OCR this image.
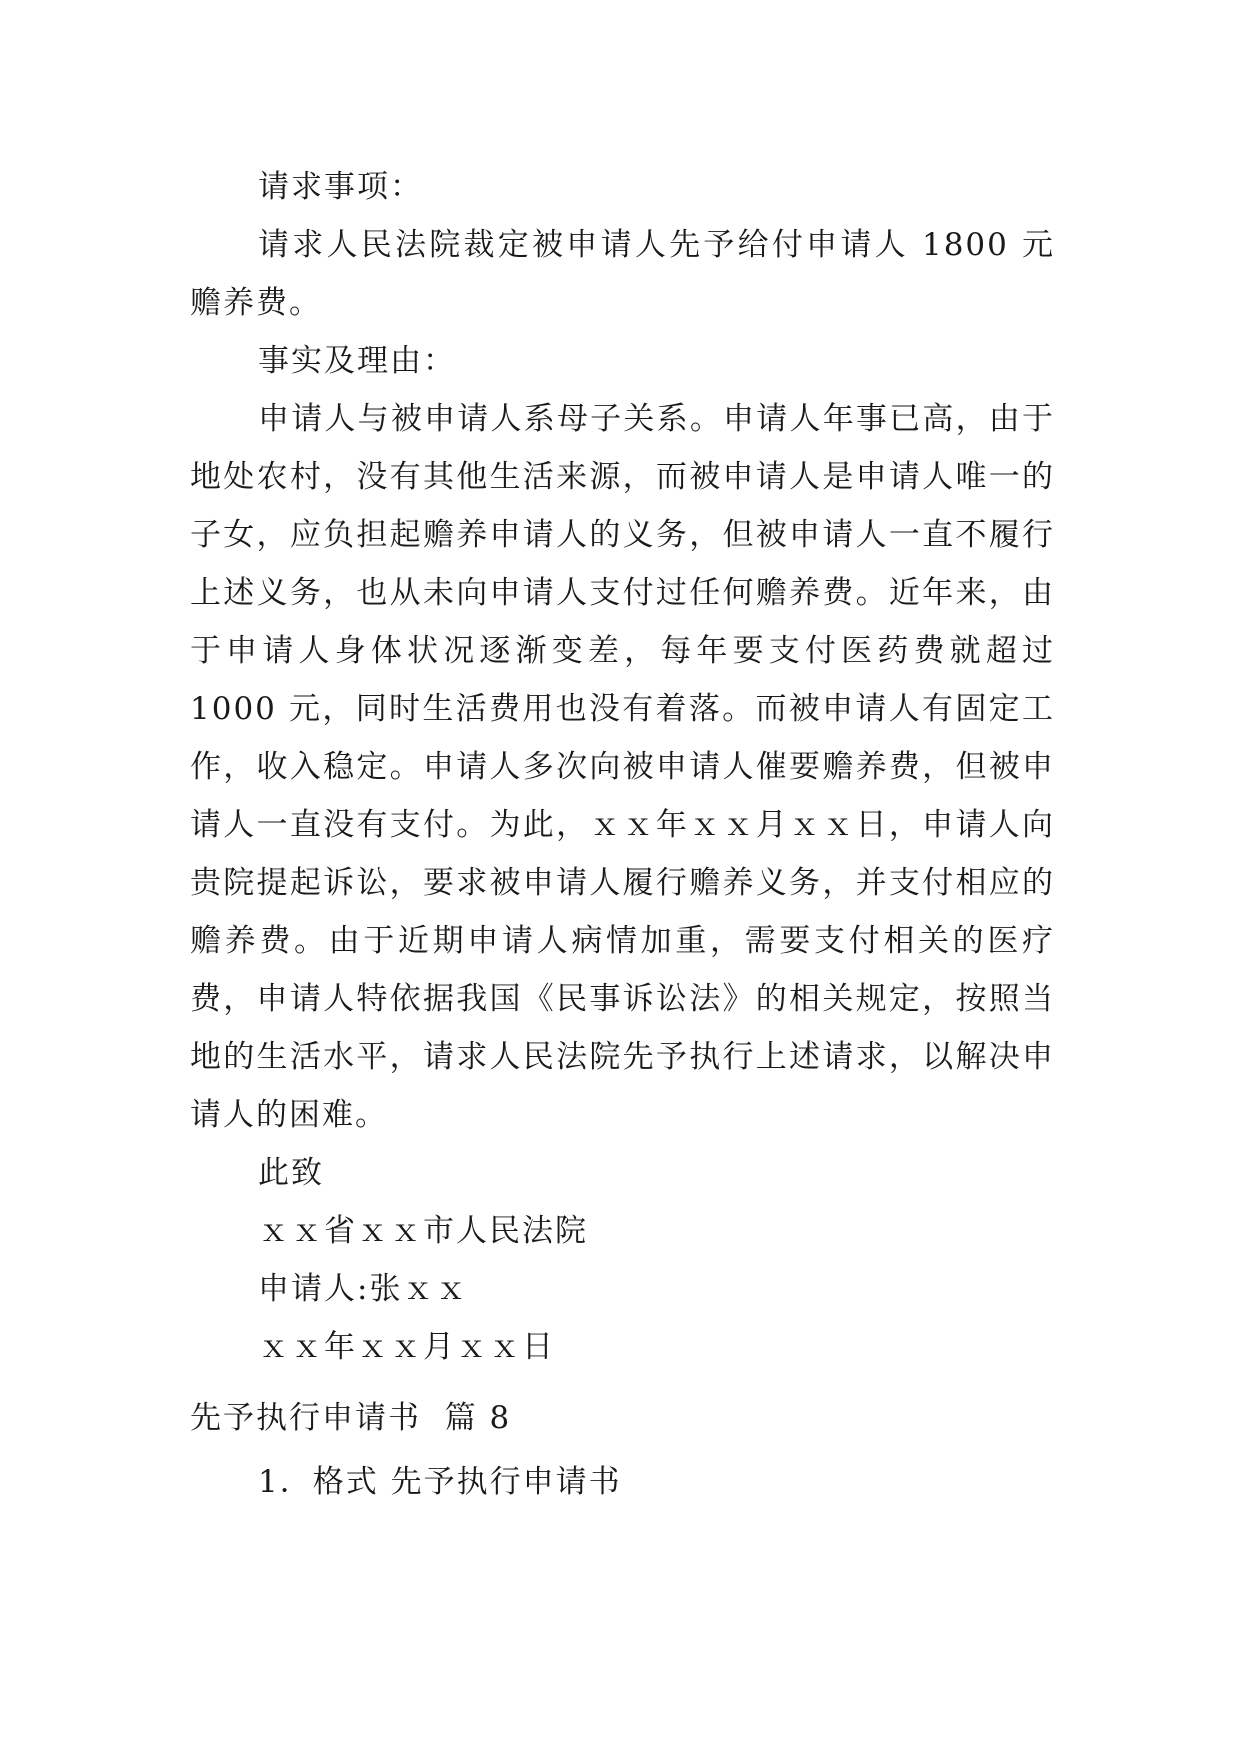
请求事项：

请求人民法院裁定被申请人先予给付申请人 1800 元赡养费。

事实及理由：

申请人与被申请人系母子关系。申请人年事已高，由于地处农村，没有其他生活来源，而被申请人是申请人唯一的子女，应负担起赡养申请人的义务，但被申请人一直不履行上述义务，也从未向申请人支付过任何赡养费。近年来，由于申请人身体状况逐渐变差，每年要支付医药费就超过 1000 元，同时生活费用也没有着落。而被申请人有固定工作，收入稳定。申请人多次向被申请人催要赡养费，但被申请人一直没有支付。为此，ｘｘ年ｘｘ月ｘｘ日，申请人向贵院提起诉讼，要求被申请人履行赡养义务，并支付相应的赡养费。由于近期申请人病情加重，需要支付相关的医疗费，申请人特依据我国《民事诉讼法》的相关规定，按照当地的生活水平，请求人民法院先予执行上述请求，以解决申请人的困难。

此致

ｘｘ省ｘｘ市人民法院

申请人:张ｘｘ

ｘｘ年ｘｘ月ｘｘ日

先予执行申请书  篇 8

1．格式 先予执行申请书
